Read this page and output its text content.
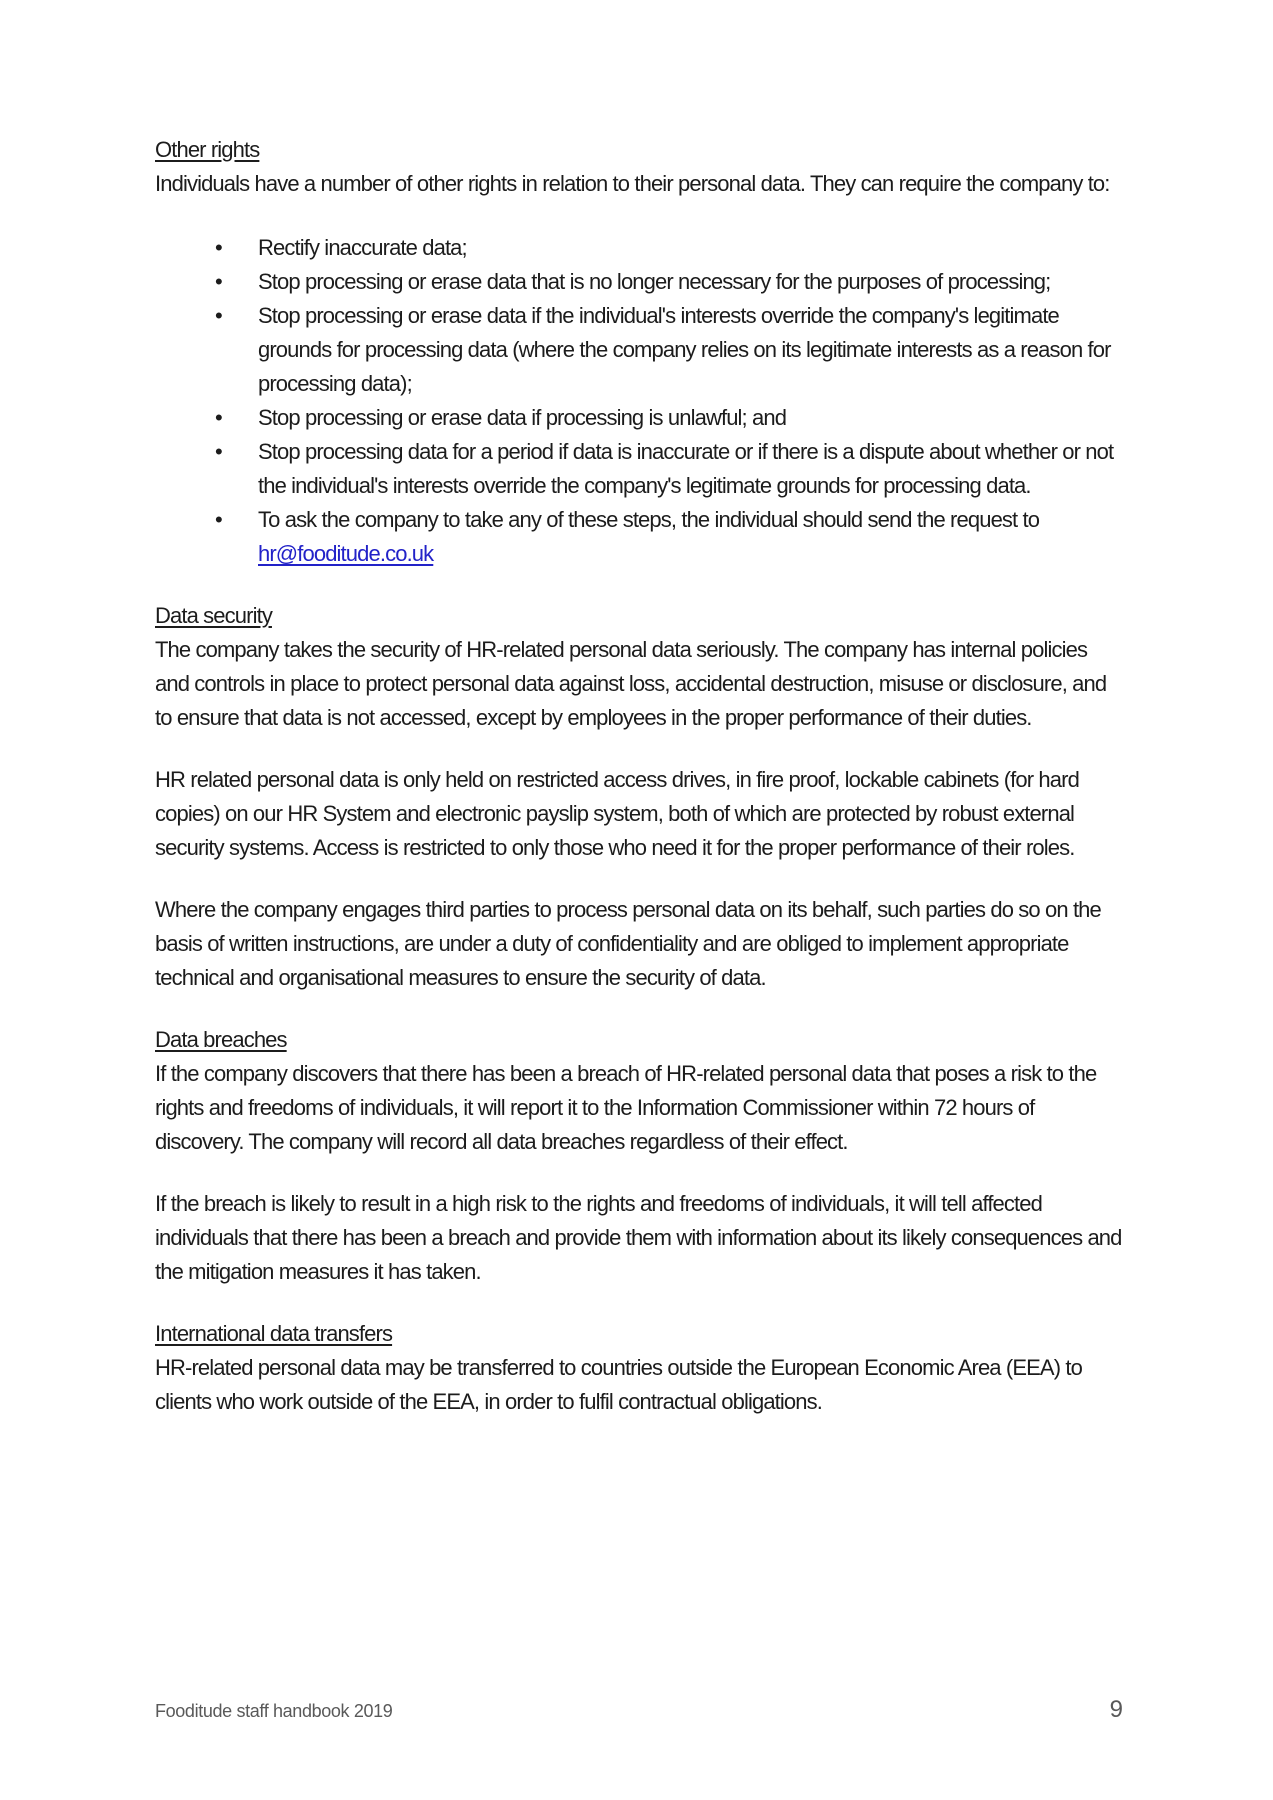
Other rights

Individuals have a number of other rights in relation to their personal data. They can require the company to:

• Rectify inaccurate data;
• Stop processing or erase data that is no longer necessary for the purposes of processing;
• Stop processing or erase data if the individual's interests override the company's legitimate grounds for processing data (where the company relies on its legitimate interests as a reason for processing data);
• Stop processing or erase data if processing is unlawful; and
• Stop processing data for a period if data is inaccurate or if there is a dispute about whether or not the individual's interests override the company's legitimate grounds for processing data.
• To ask the company to take any of these steps, the individual should send the request to hr@fooditude.co.uk
Data security

The company takes the security of HR-related personal data seriously. The company has internal policies and controls in place to protect personal data against loss, accidental destruction, misuse or disclosure, and to ensure that data is not accessed, except by employees in the proper performance of their duties.

HR related personal data is only held on restricted access drives, in fire proof, lockable cabinets (for hard copies) on our HR System and electronic payslip system, both of which are protected by robust external security systems. Access is restricted to only those who need it for the proper performance of their roles.

Where the company engages third parties to process personal data on its behalf, such parties do so on the basis of written instructions, are under a duty of confidentiality and are obliged to implement appropriate technical and organisational measures to ensure the security of data.

Data breaches

If the company discovers that there has been a breach of HR-related personal data that poses a risk to the rights and freedoms of individuals, it will report it to the Information Commissioner within 72 hours of discovery. The company will record all data breaches regardless of their effect.

If the breach is likely to result in a high risk to the rights and freedoms of individuals, it will tell affected individuals that there has been a breach and provide them with information about its likely consequences and the mitigation measures it has taken.

International data transfers

HR-related personal data may be transferred to countries outside the European Economic Area (EEA) to clients who work outside of the EEA, in order to fulfil contractual obligations.

Fooditude staff handbook 2019	9
